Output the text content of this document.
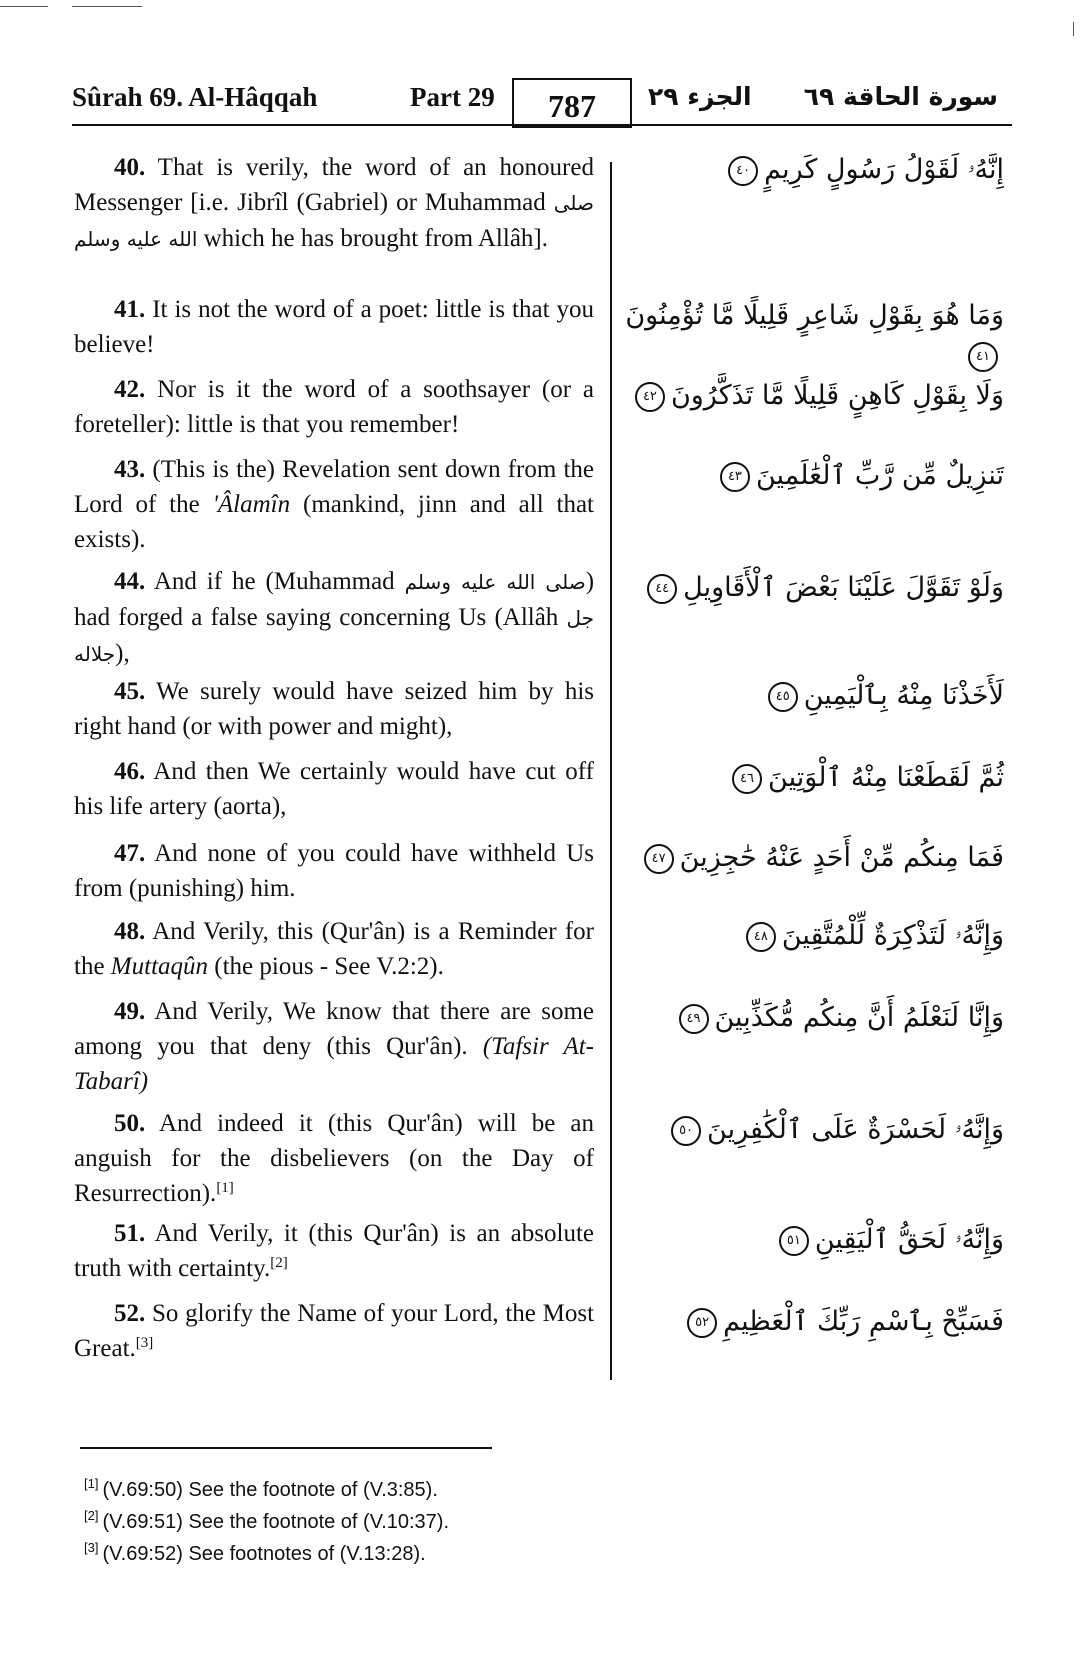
Sûrah 69. Al-Hâqqah	Part 29	787	الجزء ٢٩ سورة الحاقة ٦٩
40. That is verily, the word of an honoured Messenger [i.e. Jibrîl (Gabriel) or Muhammad صلى الله عليه وسلم which he has brought from Allâh].
إِنَّهُۥ لَقَوْلُ رَسُولٍ كَرِيمٍ٤٠
41. It is not the word of a poet: little is that you believe!
وَمَا هُوَ بِقَوْلِ شَاعِرٍ قَلِيلًا مَّا تُؤْمِنُونَ٤١
42. Nor is it the word of a soothsayer (or a foreteller): little is that you remember!
وَلَا بِقَوْلِ كَاهِنٍ قَلِيلًا مَّا تَذَكَّرُونَ٤٢
43. (This is the) Revelation sent down from the Lord of the 'Âlamîn (mankind, jinn and all that exists).
تَنزِيلٌ مِّن رَّبِّ ٱلْعَٰلَمِينَ٤٣
44. And if he (Muhammad صلى الله عليه وسلم) had forged a false saying concerning Us (Allâh جل جلاله),
وَلَوْ تَقَوَّلَ عَلَيْنَا بَعْضَ ٱلْأَقَاوِيلِ٤٤
45. We surely would have seized him by his right hand (or with power and might),
لَأَخَذْنَا مِنْهُ بِٱلْيَمِينِ٤٥
46. And then We certainly would have cut off his life artery (aorta),
ثُمَّ لَقَطَعْنَا مِنْهُ ٱلْوَتِينَ٤٦
47. And none of you could have withheld Us from (punishing) him.
فَمَا مِنكُم مِّنْ أَحَدٍ عَنْهُ حَٰجِزِينَ٤٧
48. And Verily, this (Qur'ân) is a Reminder for the Muttaqûn (the pious - See V.2:2).
وَإِنَّهُۥ لَتَذْكِرَةٌ لِّلْمُتَّقِينَ٤٨
49. And Verily, We know that there are some among you that deny (this Qur'ân). (Tafsir At-Tabarî)
وَإِنَّا لَنَعْلَمُ أَنَّ مِنكُم مُّكَذِّبِينَ٤٩
50. And indeed it (this Qur'ân) will be an anguish for the disbelievers (on the Day of Resurrection).[1]
وَإِنَّهُۥ لَحَسْرَةٌ عَلَى ٱلْكَٰفِرِينَ٥٠
51. And Verily, it (this Qur'ân) is an absolute truth with certainty.[2]
وَإِنَّهُۥ لَحَقُّ ٱلْيَقِينِ٥١
52. So glorify the Name of your Lord, the Most Great.[3]
فَسَبِّحْ بِٱسْمِ رَبِّكَ ٱلْعَظِيمِ٥٢
[1] (V.69:50) See the footnote of (V.3:85).
[2] (V.69:51) See the footnote of (V.10:37).
[3] (V.69:52) See footnotes of (V.13:28).
